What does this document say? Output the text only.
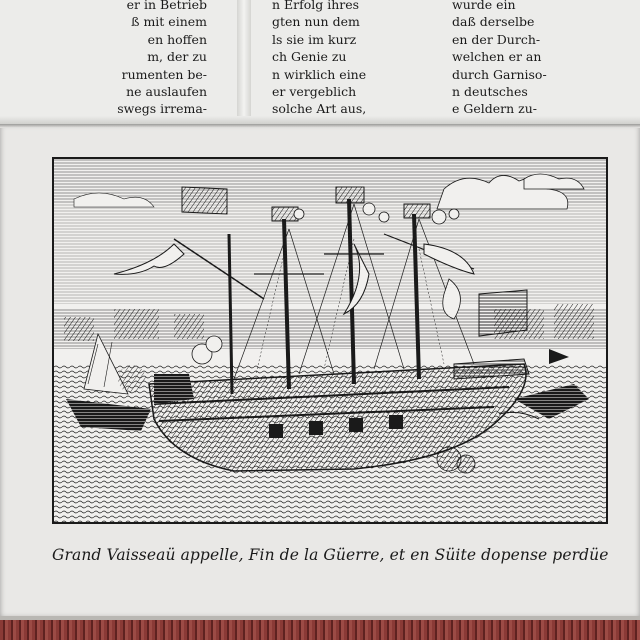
er in Betrieb
ß mit einem
en hoffen
m, der zu
rumenten be-
ne auslaufen
swegs irrema-
n Erfolg ihres
gten nun dem
ls sie im kurz
ch Genie zu
n wirklich eine
er vergeblich
solche Art aus,
wurde ein
daß derselbe
en der Durch-
welchen er an
durch Garniso-
n deutsches
e Geldern zu-
Grand Vaisseaü appelle, Fin de la Güerre, et en Süite dopense perdüe
